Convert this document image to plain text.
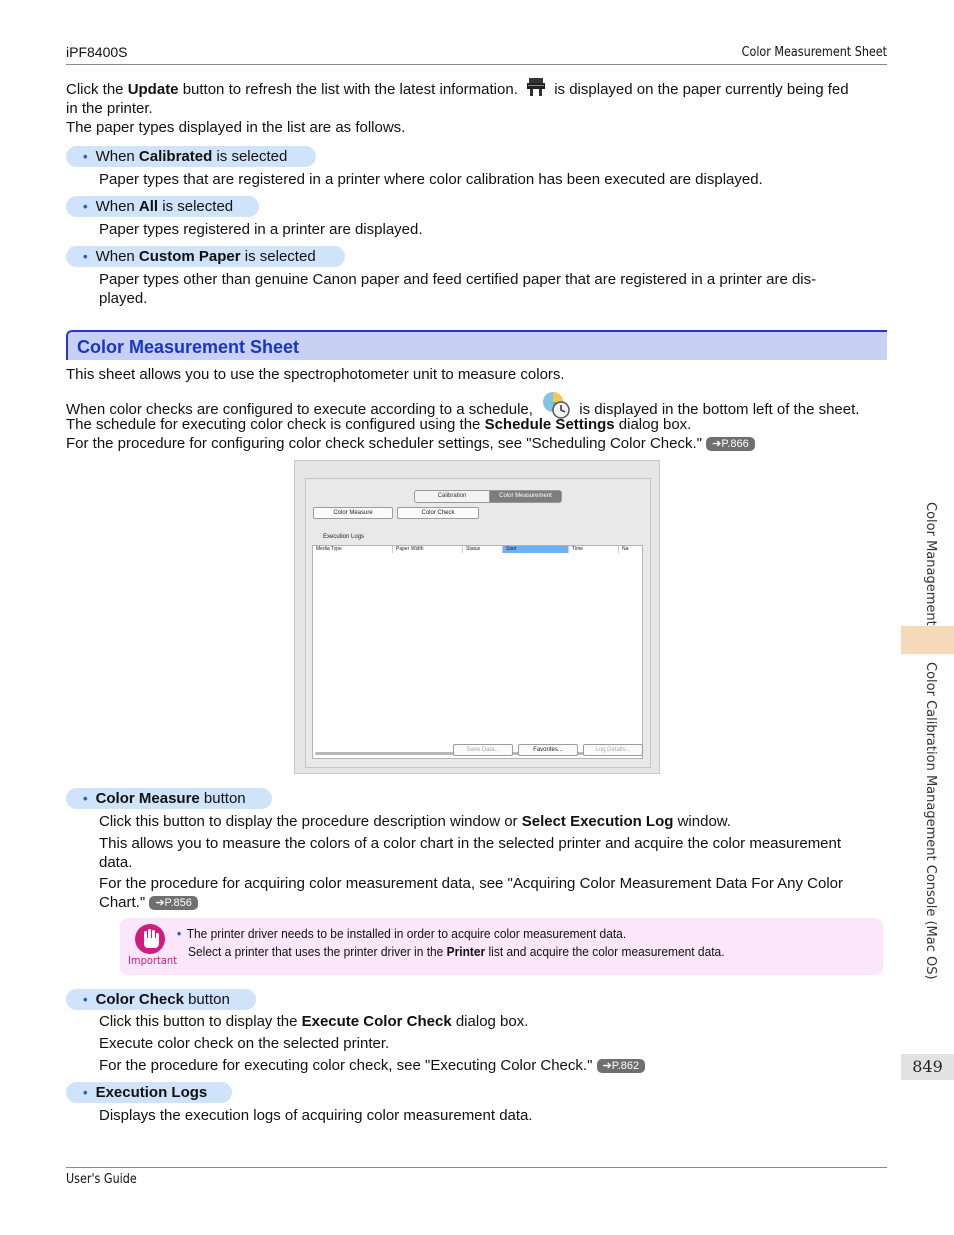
iPF8400S	Color Measurement Sheet
Click the Update button to refresh the list with the latest information.  is displayed on the paper currently being fed
in the printer.
The paper types displayed in the list are as follows.
• When Calibrated is selected
Paper types that are registered in a printer where color calibration has been executed are displayed.
• When All is selected
Paper types registered in a printer are displayed.
• When Custom Paper is selected
Paper types other than genuine Canon paper and feed certified paper that are registered in a printer are dis-
played.
Color Measurement Sheet
This sheet allows you to use the spectrophotometer unit to measure colors.
When color checks are configured to execute according to a schedule,	is displayed in the bottom left of the sheet.
The schedule for executing color check is configured using the Schedule Settings dialog box.
For the procedure for configuring color check scheduler settings, see "Scheduling Color Check." ➔P.866
Calibration	Color Measurement
Color Measure	Color Check
Execution Logs
Media Type	Paper Width	Status	Start	Time	Na
Save Data...	Favorites...	Log Details...
• Color Measure button
Click this button to display the procedure description window or Select Execution Log window.
This allows you to measure the colors of a color chart in the selected printer and acquire the color measurement
data.
For the procedure for acquiring color measurement data, see "Acquiring Color Measurement Data For Any Color
Chart." ➔P.856
Important
• The printer driver needs to be installed in order to acquire color measurement data.
Select a printer that uses the printer driver in the Printer list and acquire the color measurement data.
• Color Check button
Click this button to display the Execute Color Check dialog box.
Execute color check on the selected printer.
For the procedure for executing color check, see "Executing Color Check." ➔P.862
• Execution Logs
Displays the execution logs of acquiring color measurement data.
Color Management
Color Calibration Management Console (Mac OS)
849
User's Guide
